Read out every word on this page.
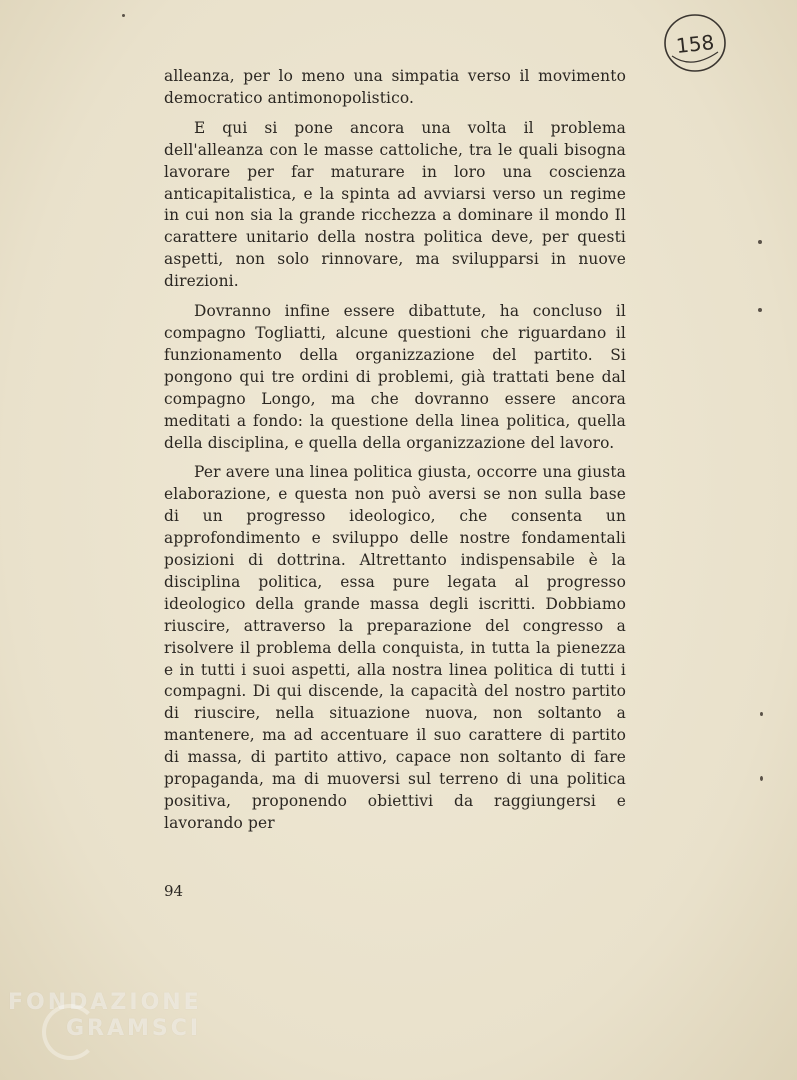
158

alleanza, per lo meno una simpatia verso il movimento democratico antimonopolistico.

E qui si pone ancora una volta il problema dell'alleanza con le masse cattoliche, tra le quali bisogna lavorare per far maturare in loro una coscienza anticapitalistica, e la spinta ad avviarsi verso un regime in cui non sia la grande ricchezza a dominare il mondo Il carattere unitario della nostra politica deve, per questi aspetti, non solo rinnovare, ma svilupparsi in nuove direzioni.

Dovranno infine essere dibattute, ha concluso il compagno Togliatti, alcune questioni che riguardano il funzionamento della organizzazione del partito. Si pongono qui tre ordini di problemi, già trattati bene dal compagno Longo, ma che dovranno essere ancora meditati a fondo: la questione della linea politica, quella della disciplina, e quella della organizzazione del lavoro.

Per avere una linea politica giusta, occorre una giusta elaborazione, e questa non può aversi se non sulla base di un progresso ideologico, che consenta un approfondimento e sviluppo delle nostre fondamentali posizioni di dottrina. Altrettanto indispensabile è la disciplina politica, essa pure legata al progresso ideologico della grande massa degli iscritti. Dobbiamo riuscire, attraverso la preparazione del congresso a risolvere il problema della conquista, in tutta la pienezza e in tutti i suoi aspetti, alla nostra linea politica di tutti i compagni. Di qui discende, la capacità del nostro partito di riuscire, nella situazione nuova, non soltanto a mantenere, ma ad accentuare il suo carattere di partito di massa, di partito attivo, capace non soltanto di fare propaganda, ma di muoversi sul terreno di una politica positiva, proponendo obiettivi da raggiungersi e lavorando per

94
FONDAZIONE
GRAMSCI
